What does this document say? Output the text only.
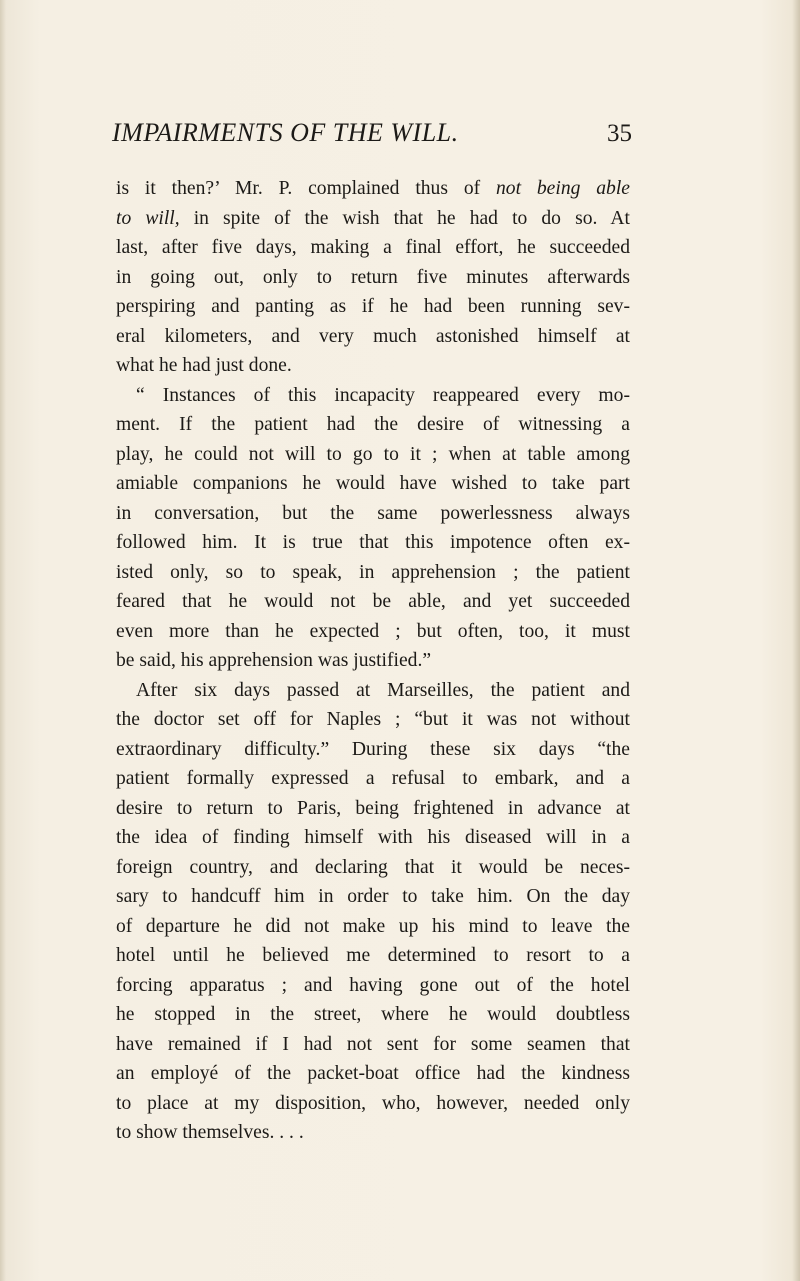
IMPAIRMENTS OF THE WILL.	35
is it then?’ Mr. P. complained thus of not being able
to will, in spite of the wish that he had to do so. At
last, after five days, making a final effort, he succeeded
in going out, only to return five minutes afterwards
perspiring and panting as if he had been running sev-
eral kilometers, and very much astonished himself at
what he had just done.
“ Instances of this incapacity reappeared every mo-
ment. If the patient had the desire of witnessing a
play, he could not will to go to it ; when at table among
amiable companions he would have wished to take part
in conversation, but the same powerlessness always
followed him. It is true that this impotence often ex-
isted only, so to speak, in apprehension ; the patient
feared that he would not be able, and yet succeeded
even more than he expected ; but often, too, it must
be said, his apprehension was justified.”
After six days passed at Marseilles, the patient and
the doctor set off for Naples ; “but it was not without
extraordinary difficulty.” During these six days “the
patient formally expressed a refusal to embark, and a
desire to return to Paris, being frightened in advance at
the idea of finding himself with his diseased will in a
foreign country, and declaring that it would be neces-
sary to handcuff him in order to take him. On the day
of departure he did not make up his mind to leave the
hotel until he believed me determined to resort to a
forcing apparatus ; and having gone out of the hotel
he stopped in the street, where he would doubtless
have remained if I had not sent for some seamen that
an employé of the packet-boat office had the kindness
to place at my disposition, who, however, needed only
to show themselves. . . .
